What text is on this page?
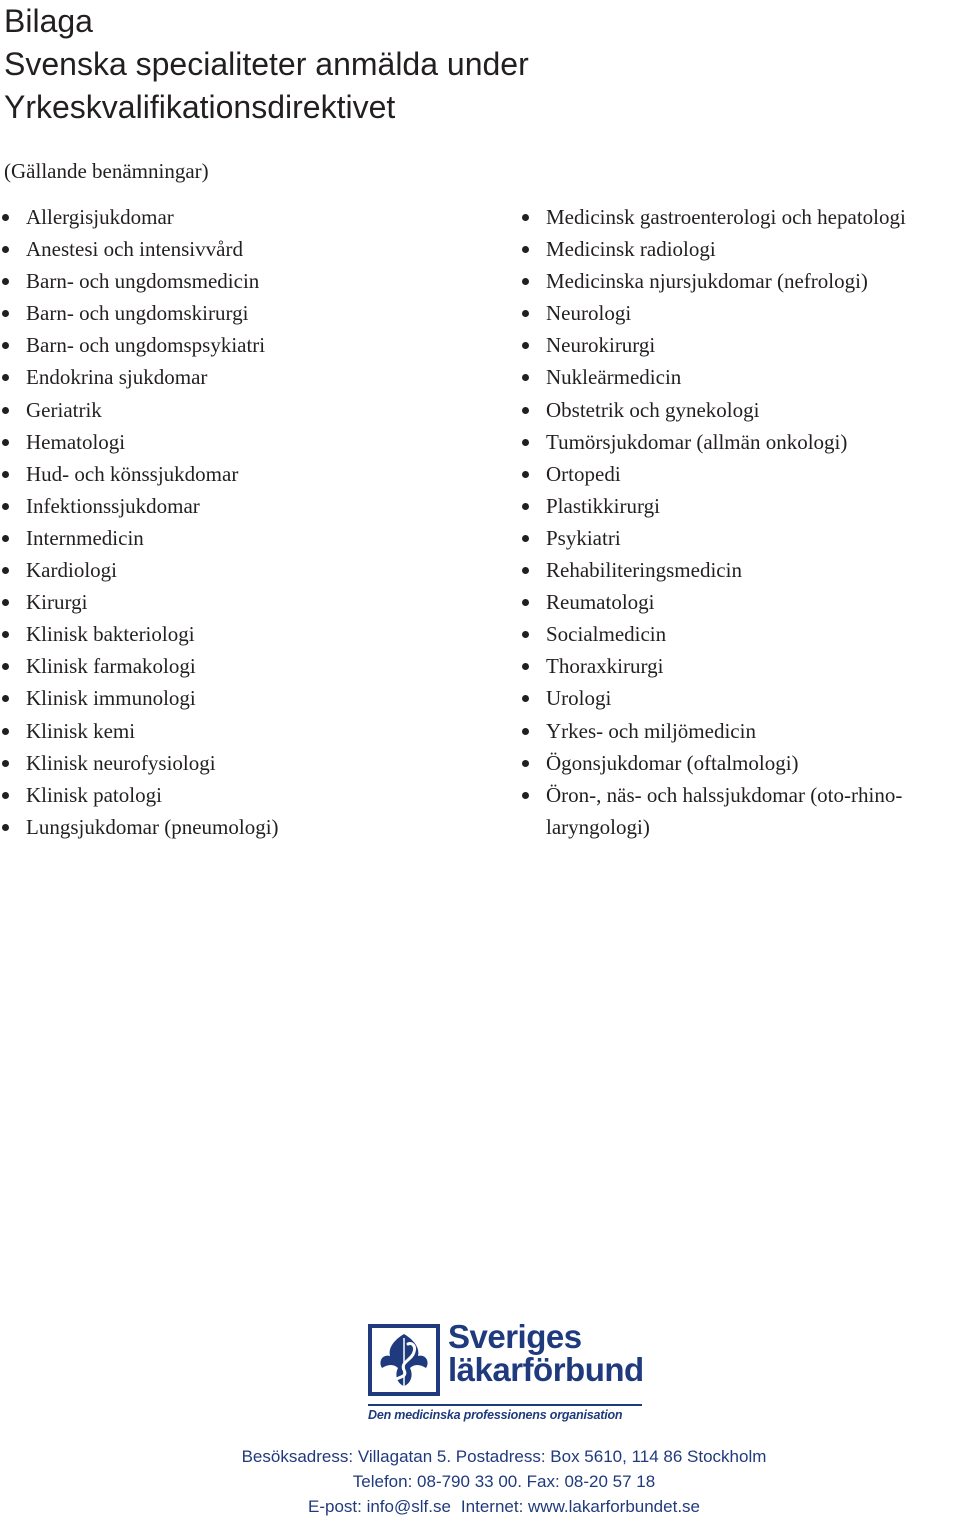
Bilaga
Svenska specialiteter anmälda under
Yrkeskvalifikationsdirektivet
(Gällande benämningar)
Allergisjukdomar
Anestesi och intensivvård
Barn- och ungdomsmedicin
Barn- och ungdomskirurgi
Barn- och ungdomspsykiatri
Endokrina sjukdomar
Geriatrik
Hematologi
Hud- och könssjukdomar
Infektionssjukdomar
Internmedicin
Kardiologi
Kirurgi
Klinisk bakteriologi
Klinisk farmakologi
Klinisk immunologi
Klinisk kemi
Klinisk neurofysiologi
Klinisk patologi
Lungsjukdomar (pneumologi)
Medicinsk gastroenterologi och hepatologi
Medicinsk radiologi
Medicinska njursjukdomar (nefrologi)
Neurologi
Neurokirurgi
Nukleärmedicin
Obstetrik och gynekologi
Tumörsjukdomar (allmän onkologi)
Ortopedi
Plastikkirurgi
Psykiatri
Rehabiliteringsmedicin
Reumatologi
Socialmedicin
Thoraxkirurgi
Urologi
Yrkes- och miljömedicin
Ögonsjukdomar (oftalmologi)
Öron-, näs- och halssjukdomar (oto-rhino-laryngologi)
Sveriges
läkarförbund
Den medicinska professionens organisation
Besöksadress: Villagatan 5. Postadress: Box 5610, 114 86 Stockholm
Telefon: 08-790 33 00. Fax: 08-20 57 18
E-post: info@slf.se Internet: www.lakarforbundet.se
